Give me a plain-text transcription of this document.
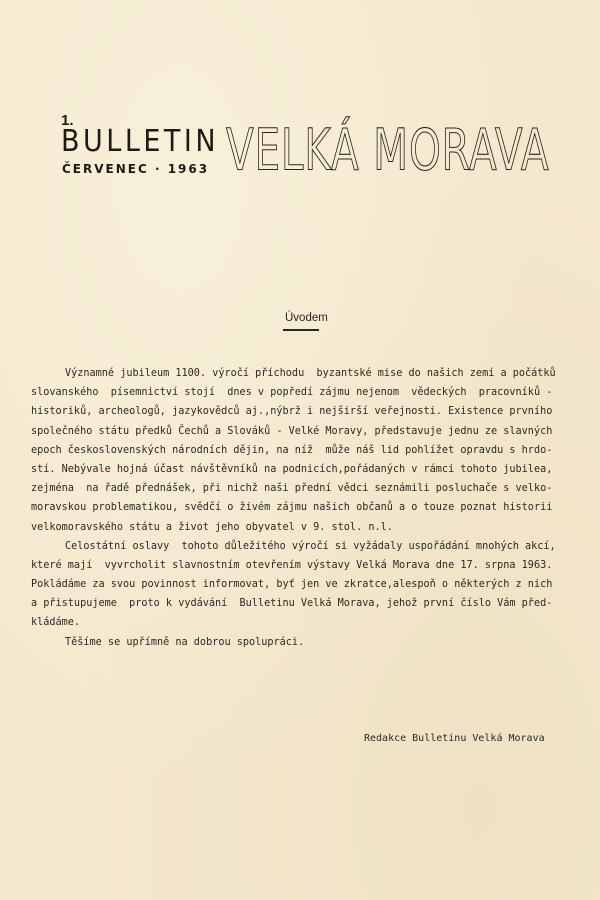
1.
BULLETIN
ČERVENEC · 1963 VELKÁ MORAVA
Úvodem
Významné jubileum 1100. výročí příchodu  byzantské mise do našich zemí a počátků
slovanského  písemnictví stojí  dnes v popředí zájmu nejenom  vědeckých  pracovníků -
historiků, archeologů, jazykovědců aj.,nýbrž i nejširší veřejnosti. Existence prvního
společného státu předků Čechů a Slováků - Velké Moravy, představuje jednu ze slavných
epoch československých národních dějin, na níž  může náš lid pohlížet opravdu s hrdo-
stí. Nebývale hojná účast návštěvníků na podnicích,pořádaných v rámci tohoto jubilea,
zejména  na řadě přednášek, při nichž naši přední vědci seznámili posluchače s velko-
moravskou problematikou, svědčí o živém zájmu našich občanů a o touze poznat historii
velkomoravského státu a život jeho obyvatel v 9. stol. n.l.
Celostátní oslavy  tohoto důležitého výročí si vyžádaly uspořádání mnohých akcí,
které mají  vyvrcholit slavnostním otevřením výstavy Velká Morava dne 17. srpna 1963.
Pokládáme za svou povinnost informovat, byť jen ve zkratce,alespoň o některých z nich
a přistupujeme  proto k vydávání  Bulletinu Velká Morava, jehož první číslo Vám před-
kládáme.
Těšíme se upřímně na dobrou spolupráci.
Redakce Bulletinu Velká Morava
